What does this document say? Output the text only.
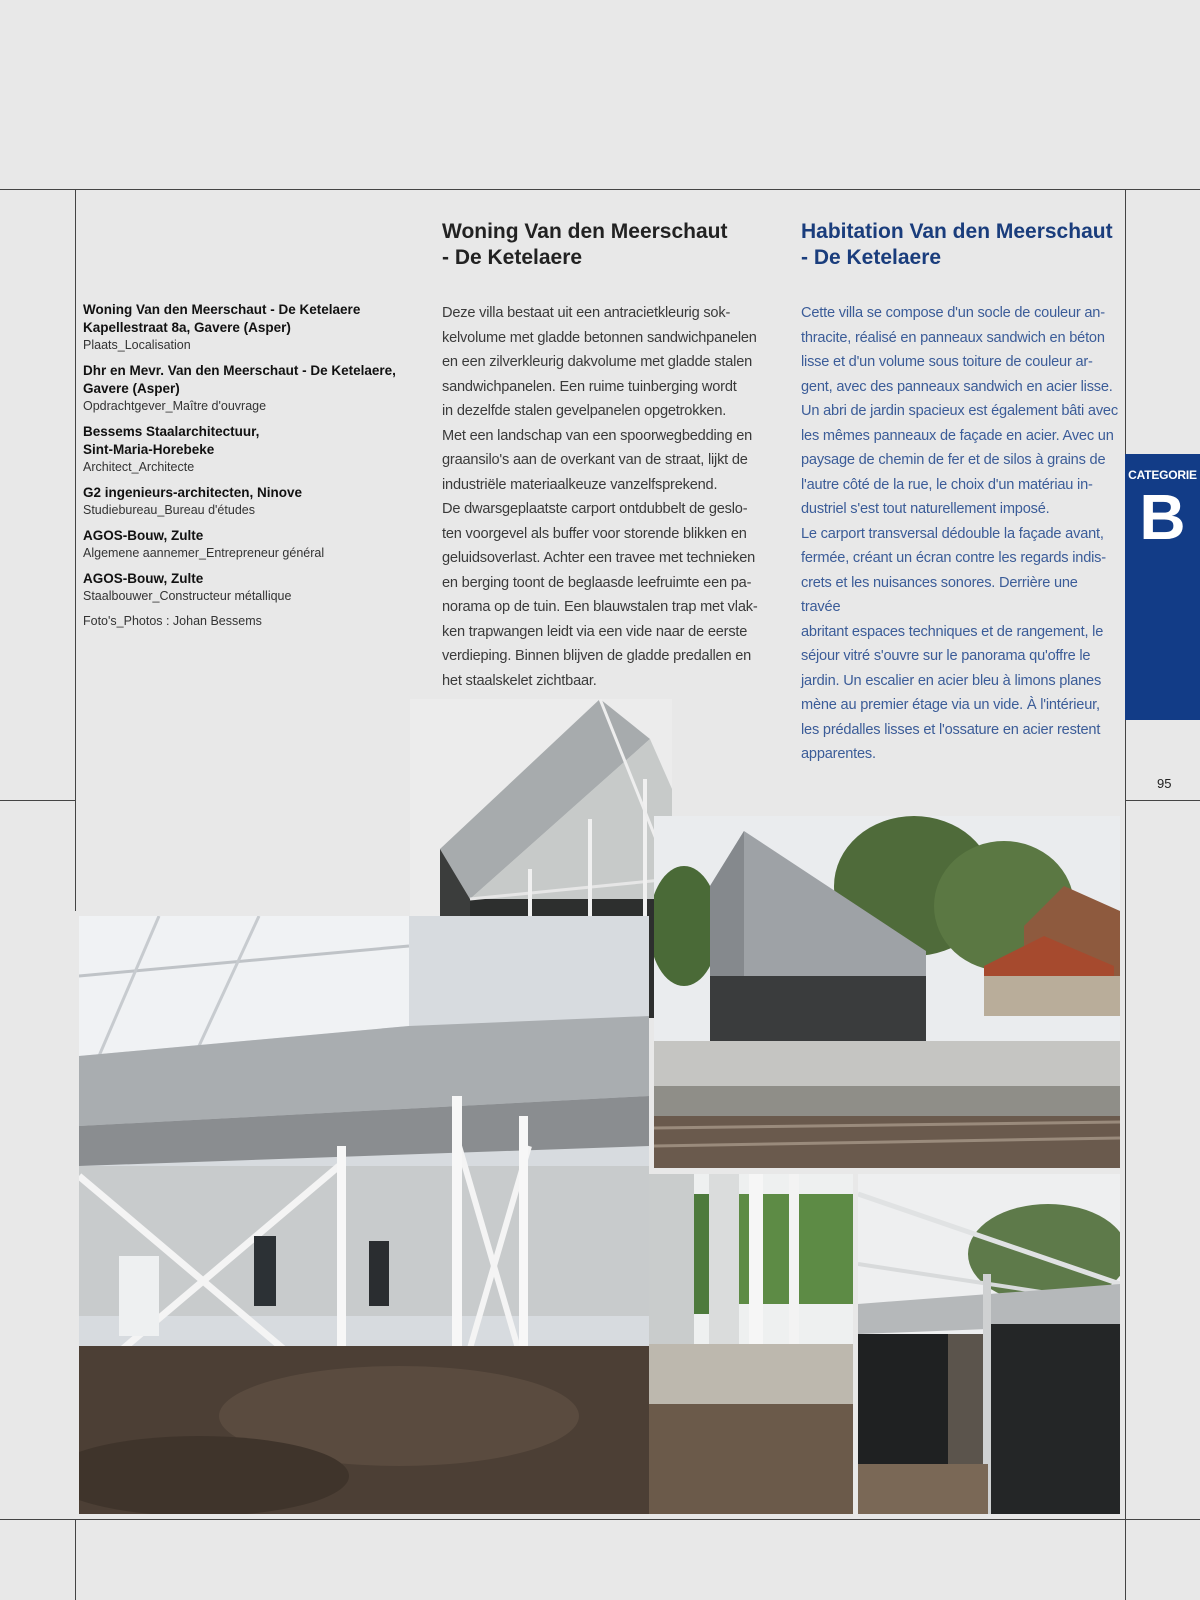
Woning Van den Meerschaut - De Ketelaere
Kapellestraat 8a, Gavere (Asper)
Plaats_Localisation
Dhr en Mevr. Van den Meerschaut - De Ketelaere,
Gavere (Asper)
Opdrachtgever_Maître d'ouvrage
Bessems Staalarchitectuur,
Sint-Maria-Horebeke
Architect_Architecte
G2 ingenieurs-architecten, Ninove
Studiebureau_Bureau d'études
AGOS-Bouw, Zulte
Algemene aannemer_Entrepreneur général
AGOS-Bouw, Zulte
Staalbouwer_Constructeur métallique
Foto's_Photos : Johan Bessems
Woning Van den Meerschaut
- De Ketelaere

Deze villa bestaat uit een antracietkleurig sok-
kelvolume met gladde betonnen sandwichpanelen
en een zilverkleurig dakvolume met gladde stalen
sandwichpanelen. Een ruime tuinberging wordt
in dezelfde stalen gevelpanelen opgetrokken.
Met een landschap van een spoorwegbedding en
graansilo's aan de overkant van de straat, lijkt de
industriële materiaalkeuze vanzelfsprekend.
De dwarsgeplaatste carport ontdubbelt de geslo-
ten voorgevel als buffer voor storende blikken en
geluidsoverlast. Achter een travee met technieken
en berging toont de beglaasde leefruimte een pa-
norama op de tuin. Een blauwstalen trap met vlak-
ken trapwangen leidt via een vide naar de eerste
verdieping. Binnen blijven de gladde predallen en
het staalskelet zichtbaar.

Habitation Van den Meerschaut
- De Ketelaere

Cette villa se compose d'un socle de couleur an-
thracite, réalisé en panneaux sandwich en béton
lisse et d'un volume sous toiture de couleur ar-
gent, avec des panneaux sandwich en acier lisse.
Un abri de jardin spacieux est également bâti avec
les mêmes panneaux de façade en acier. Avec un
paysage de chemin de fer et de silos à grains de
l'autre côté de la rue, le choix d'un matériau in-
dustriel s'est tout naturellement imposé.
Le carport transversal dédouble la façade avant,
fermée, créant un écran contre les regards indis-
crets et les nuisances sonores. Derrière une travée
abritant espaces techniques et de rangement, le
séjour vitré s'ouvre sur le panorama qu'offre le
jardin. Un escalier en acier bleu à limons planes
mène au premier étage via un vide. À l'intérieur,
les prédalles lisses et l'ossature en acier restent
apparentes.

CATEGORIE
B
95
